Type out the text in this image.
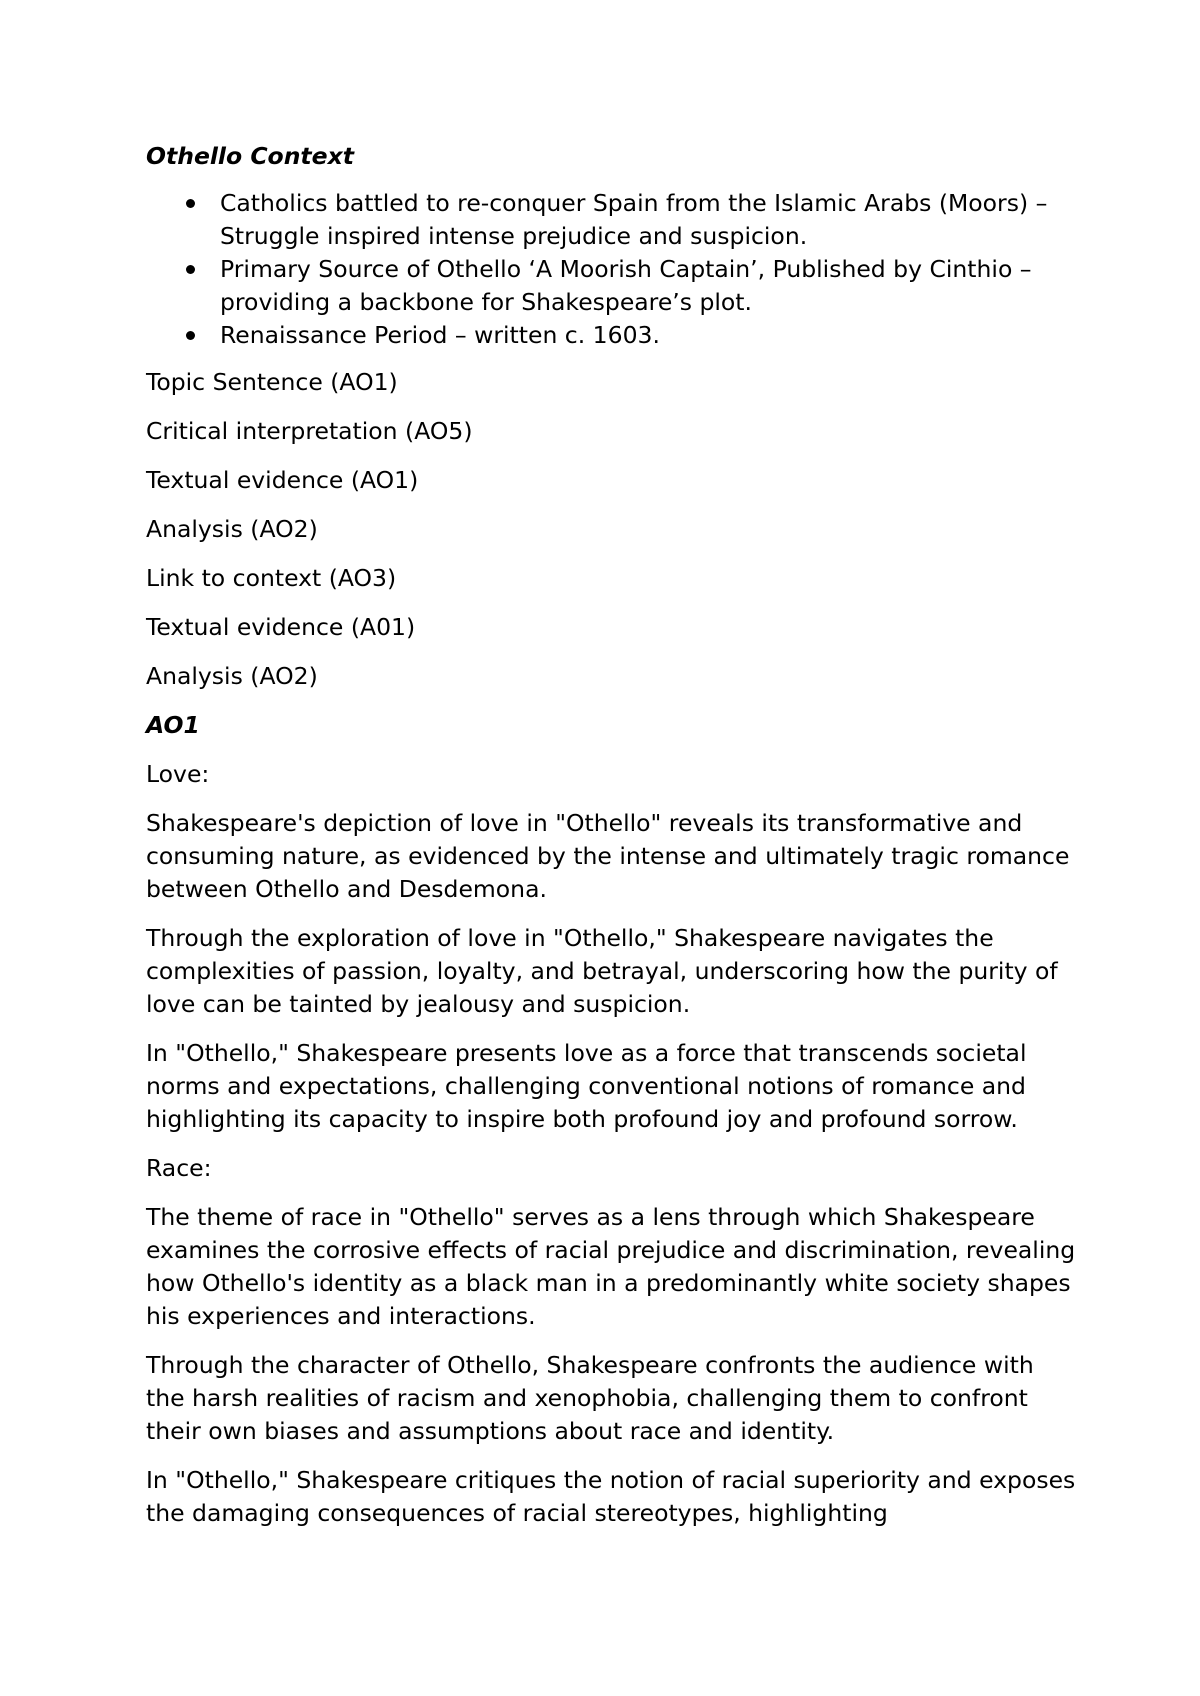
Othello Context
Catholics battled to re-conquer Spain from the Islamic Arabs (Moors) – Struggle inspired intense prejudice and suspicion.
Primary Source of Othello ‘A Moorish Captain’, Published by Cinthio – providing a backbone for Shakespeare’s plot.
Renaissance Period – written c. 1603.
Topic Sentence (AO1)
Critical interpretation (AO5)
Textual evidence (AO1)
Analysis (AO2)
Link to context (AO3)
Textual evidence (A01)
Analysis (AO2)
AO1
Love:
Shakespeare's depiction of love in "Othello" reveals its transformative and consuming nature, as evidenced by the intense and ultimately tragic romance between Othello and Desdemona.
Through the exploration of love in "Othello," Shakespeare navigates the complexities of passion, loyalty, and betrayal, underscoring how the purity of love can be tainted by jealousy and suspicion.
In "Othello," Shakespeare presents love as a force that transcends societal norms and expectations, challenging conventional notions of romance and highlighting its capacity to inspire both profound joy and profound sorrow.
Race:
The theme of race in "Othello" serves as a lens through which Shakespeare examines the corrosive effects of racial prejudice and discrimination, revealing how Othello's identity as a black man in a predominantly white society shapes his experiences and interactions.
Through the character of Othello, Shakespeare confronts the audience with the harsh realities of racism and xenophobia, challenging them to confront their own biases and assumptions about race and identity.
In "Othello," Shakespeare critiques the notion of racial superiority and exposes the damaging consequences of racial stereotypes, highlighting
